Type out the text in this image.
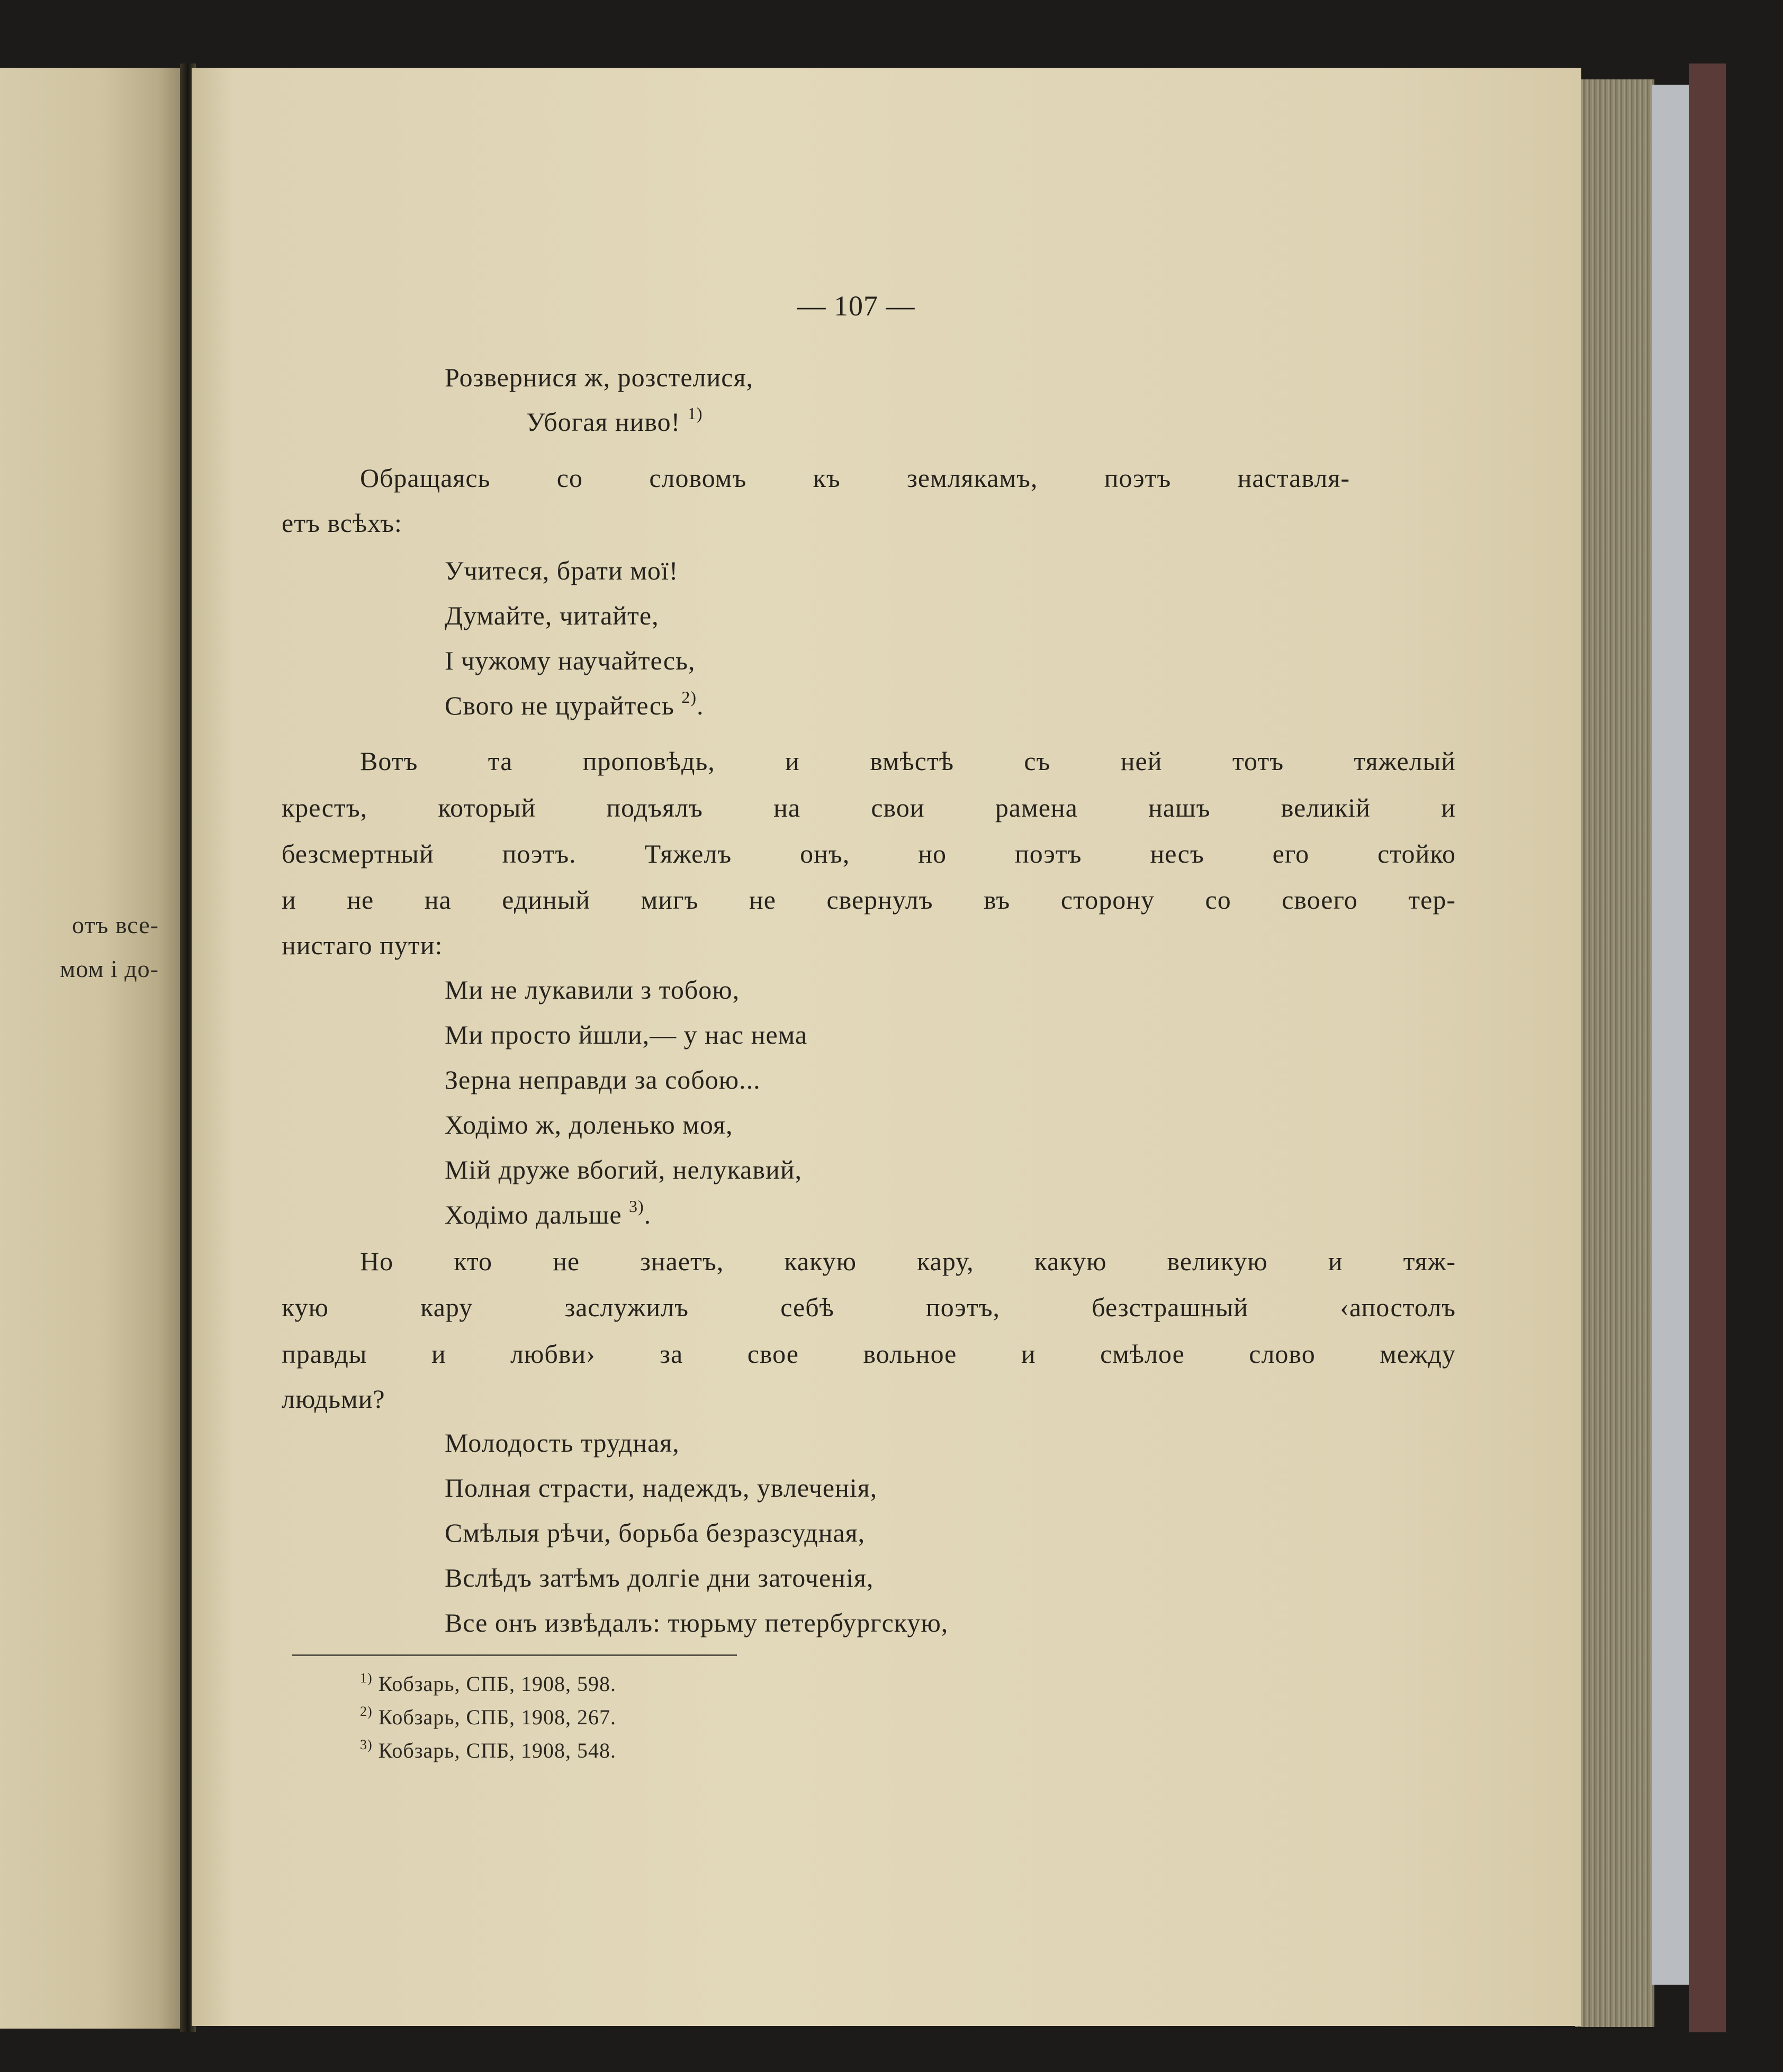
отъ все-
мом і до-
— 107 —
Розвернися ж, розстелися,
Убогая ниво! $^{1)}$
Обращаясь со словомъ къ землякамъ, поэтъ наставля-
етъ всѣхъ:
Учитеся, брати мої!
Думайте, читайте,
І чужому научайтесь,
Свого не цурайтесь $^{2)}$.
Вотъ та проповѣдь, и вмѣстѣ съ ней тотъ тяжелый
крестъ, который подъялъ на свои рамена нашъ великій и
безсмертный поэтъ. Тяжелъ онъ, но поэтъ несъ его стойко
и не на единый мигъ не свернулъ въ сторону со своего тер-
нистаго пути:
Ми не лукавили з тобою,
Ми просто йшли,— у нас нема
Зерна неправди за собою...
Ходімо ж, доленько моя,
Мій друже вбогий, нелукавий,
Ходімо дальше $^{3)}$.
Но кто не знаетъ, какую кару, какую великую и тяж-
кую кару заслужилъ себѣ поэтъ, безстрашный ‹апостолъ
правды и любви› за свое вольное и смѣлое слово между
людьми?
Молодость трудная,
Полная страсти, надеждъ, увлеченія,
Смѣлыя рѣчи, борьба безразсудная,
Вслѣдъ затѣмъ долгіе дни заточенія,
Все онъ извѣдалъ: тюрьму петербургскую,
$^{1)}$ Кобзарь, СПБ, 1908, 598.
$^{2)}$ Кобзарь, СПБ, 1908, 267.
$^{3)}$ Кобзарь, СПБ, 1908, 548.
